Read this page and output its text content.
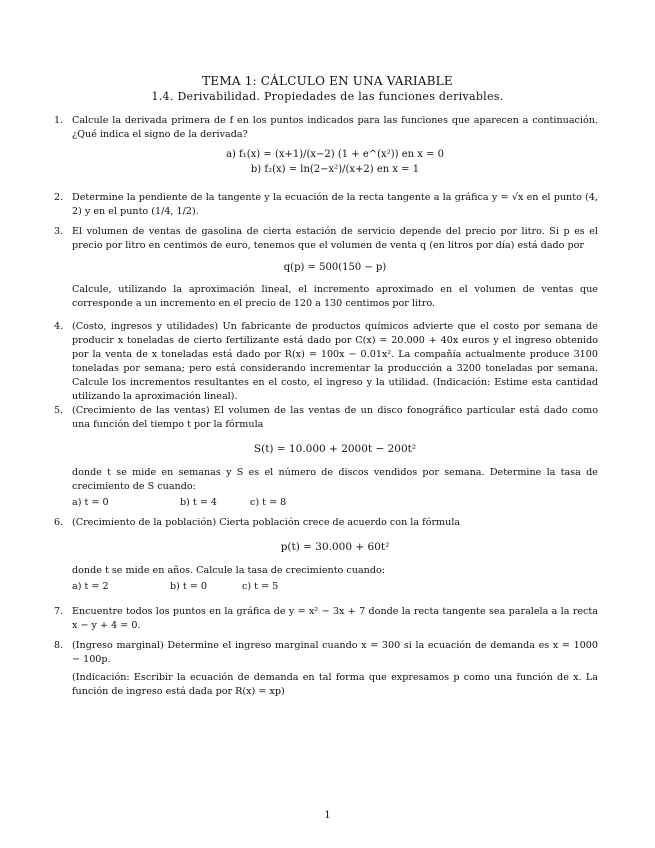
TEMA 1: CÁLCULO EN UNA VARIABLE
1.4. Derivabilidad. Propiedades de las funciones derivables.
1. Calcule la derivada primera de f en los puntos indicados para las funciones que aparecen a continuación. ¿Qué indica el signo de la derivada?
a) f₁(x) = (x+1)/(x−2) (1 + e^(x²)) en x = 0
b) f₂(x) = ln(2−x²)/(x+2) en x = 1
2. Determine la pendiente de la tangente y la ecuación de la recta tangente a la gráfica y = √x en el punto (4, 2) y en el punto (1/4, 1/2).
3. El volumen de ventas de gasolina de cierta estación de servicio depende del precio por litro. Si p es el precio por litro en centimos de euro, tenemos que el volumen de venta q (en litros por día) está dado por
q(p) = 500(150 − p)
Calcule, utilizando la aproximación lineal, el incremento aproximado en el volumen de ventas que corresponde a un incremento en el precio de 120 a 130 centimos por litro.
4. (Costo, ingresos y utilidades) Un fabricante de productos químicos advierte que el costo por semana de producir x toneladas de cierto fertilizante está dado por C(x) = 20.000 + 40x euros y el ingreso obtenido por la venta de x toneladas está dado por R(x) = 100x − 0.01x². La compañía actualmente produce 3100 toneladas por semana; pero está considerando incrementar la producción a 3200 toneladas por semana. Calcule los incrementos resultantes en el costo, el ingreso y la utilidad. (Indicación: Estime esta cantidad utilizando la aproximación lineal).
5. (Crecimiento de las ventas) El volumen de las ventas de un disco fonográfico particular está dado como una función del tiempo t por la fórmula
S(t) = 10.000 + 2000t − 200t²
donde t se mide en semanas y S es el número de discos vendidos por semana. Determine la tasa de crecimiento de S cuando:
a) t = 0	b) t = 4	c) t = 8
6. (Crecimiento de la población) Cierta población crece de acuerdo con la fórmula
p(t) = 30.000 + 60t²
donde t se mide en años. Calcule la tasa de crecimiento cuando:
a) t = 2	b) t = 0	c) t = 5
7. Encuentre todos los puntos en la gráfica de y = x² − 3x + 7 donde la recta tangente sea paralela a la recta x − y + 4 = 0.
8. (Ingreso marginal) Determine el ingreso marginal cuando x = 300 si la ecuación de demanda es x = 1000 − 100p.
(Indicación: Escribir la ecuación de demanda en tal forma que expresamos p como una función de x. La función de ingreso está dada por R(x) = xp)
1
